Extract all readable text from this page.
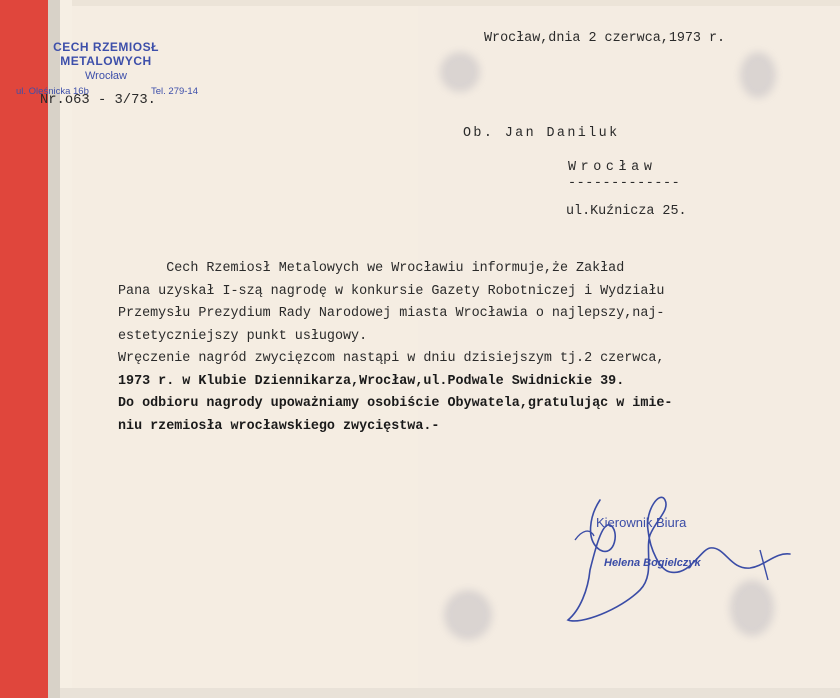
CECH RZEMIOSŁ METALOWYCH
Wrocław
ul. Oleśnicka 16b	Tel. 279-14
Nr.o63 - 3/73.
Wrocław,dnia 2 czerwca,1973 r.
Ob. Jan Daniluk
Wrocław
-------------
ul.Kuźnicza 25.
Cech Rzemiosł Metalowych we Wrocławiu informuje,że Zakład
Pana uzyskał I-szą nagrodę w konkursie Gazety Robotniczej i Wydziału
Przemysłu Prezydium Rady Narodowej miasta Wrocławia o najlepszy,naj-
estetyczniejszy punkt usługowy.
Wręczenie nagród zwycięzcom nastąpi w dniu dzisiejszym tj.2 czerwca,
1973 r. w Klubie Dziennikarza,Wrocław,ul.Podwale Swidnickie 39.
Do odbioru nagrody upoważniamy osobiście Obywatela,gratulując w imie-
niu rzemiosła wrocławskiego zwycięstwa.-
Kierownik Biura
Helena Bogielczyk
